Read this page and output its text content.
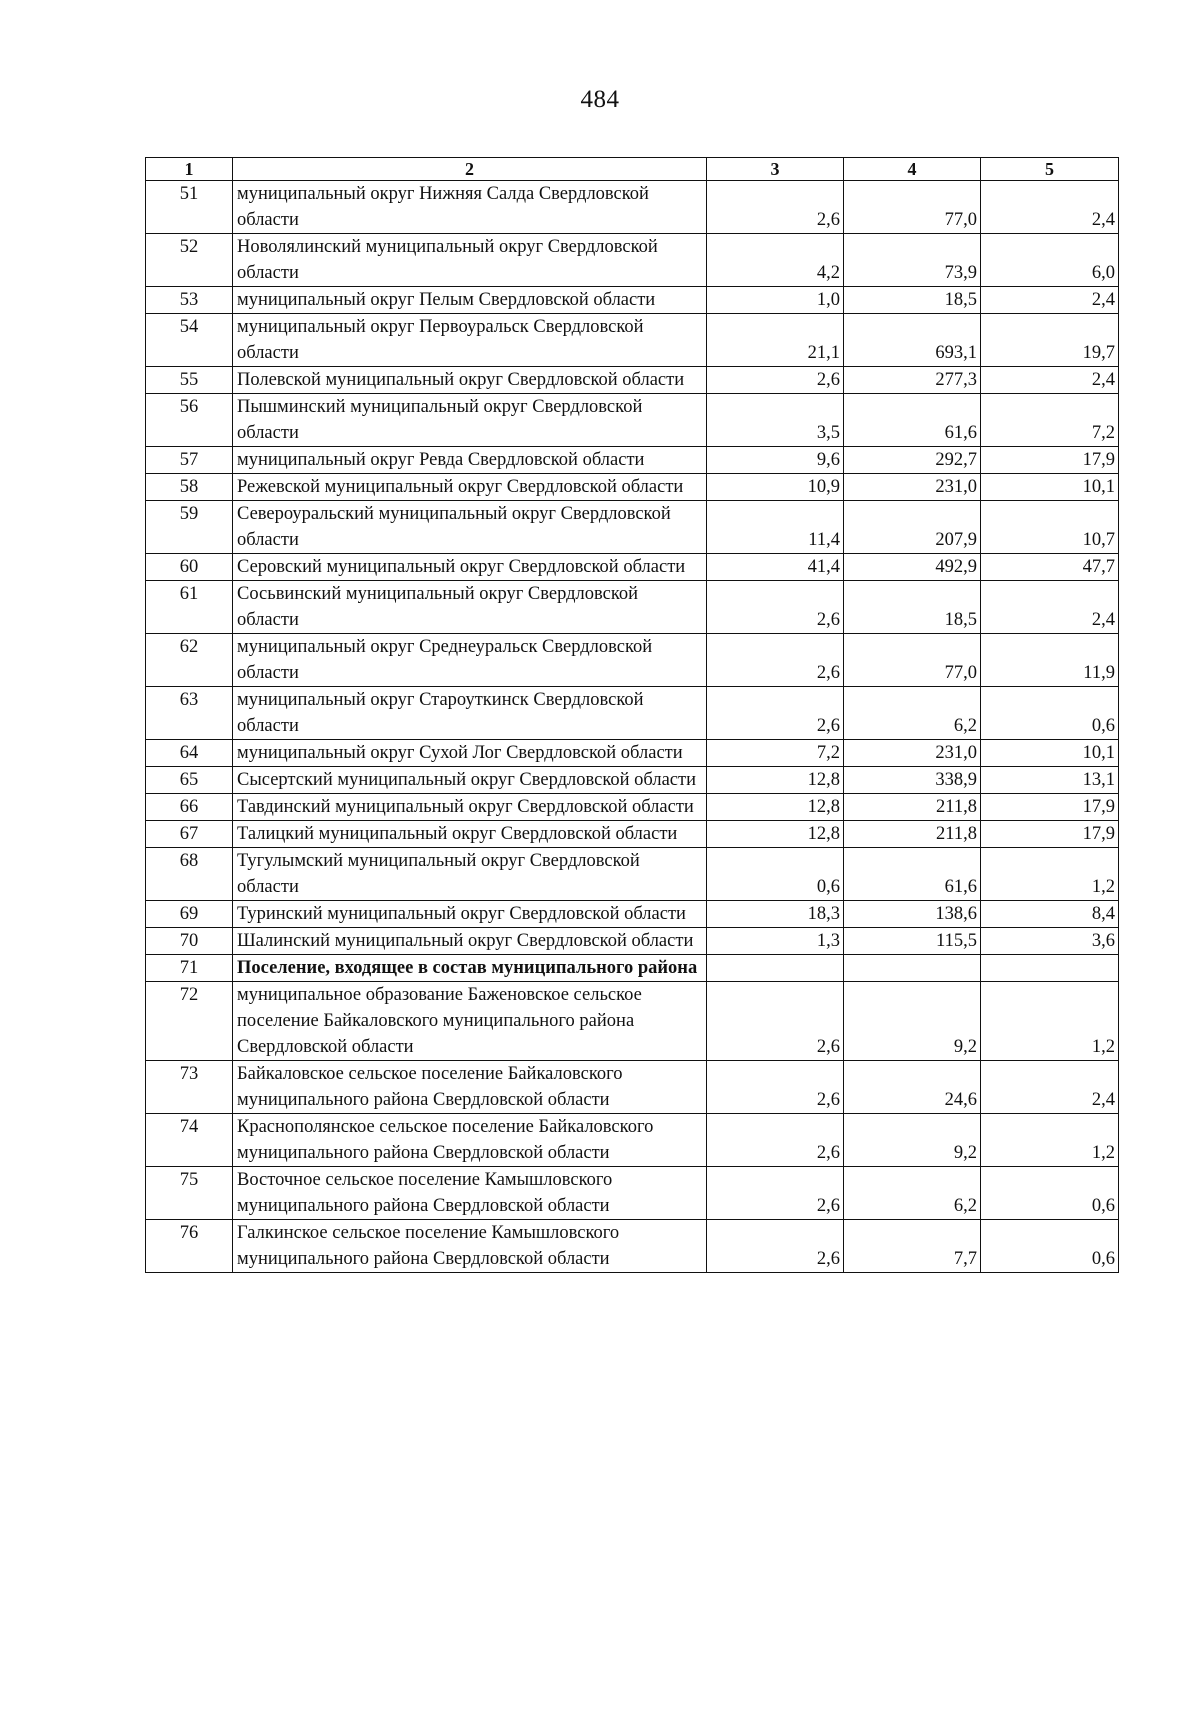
484
1	2	3	4	5
51	муниципальный округ Нижняя Салда Свердловской области	2,6	77,0	2,4
52	Новолялинский муниципальный округ Свердловской области	4,2	73,9	6,0
53	муниципальный округ Пелым Свердловской области	1,0	18,5	2,4
54	муниципальный округ Первоуральск Свердловской области	21,1	693,1	19,7
55	Полевской муниципальный округ Свердловской области	2,6	277,3	2,4
56	Пышминский муниципальный округ Свердловской области	3,5	61,6	7,2
57	муниципальный округ Ревда Свердловской области	9,6	292,7	17,9
58	Режевской муниципальный округ Свердловской области	10,9	231,0	10,1
59	Североуральский муниципальный округ Свердловской области	11,4	207,9	10,7
60	Серовский муниципальный округ Свердловской области	41,4	492,9	47,7
61	Сосьвинский муниципальный округ Свердловской области	2,6	18,5	2,4
62	муниципальный округ Среднеуральск Свердловской области	2,6	77,0	11,9
63	муниципальный округ Староуткинск Свердловской области	2,6	6,2	0,6
64	муниципальный округ Сухой Лог Свердловской области	7,2	231,0	10,1
65	Сысертский муниципальный округ Свердловской области	12,8	338,9	13,1
66	Тавдинский муниципальный округ Свердловской области	12,8	211,8	17,9
67	Талицкий муниципальный округ Свердловской области	12,8	211,8	17,9
68	Тугулымский муниципальный округ Свердловской области	0,6	61,6	1,2
69	Туринский муниципальный округ Свердловской области	18,3	138,6	8,4
70	Шалинский муниципальный округ Свердловской области	1,3	115,5	3,6
71	Поселение, входящее в состав муниципального района			
72	муниципальное образование Баженовское сельское поселение Байкаловского муниципального района Свердловской области	2,6	9,2	1,2
73	Байкаловское сельское поселение Байкаловского муниципального района Свердловской области	2,6	24,6	2,4
74	Краснополянское сельское поселение Байкаловского муниципального района Свердловской области	2,6	9,2	1,2
75	Восточное сельское поселение Камышловского муниципального района Свердловской области	2,6	6,2	0,6
76	Галкинское сельское поселение Камышловского муниципального района Свердловской области	2,6	7,7	0,6
